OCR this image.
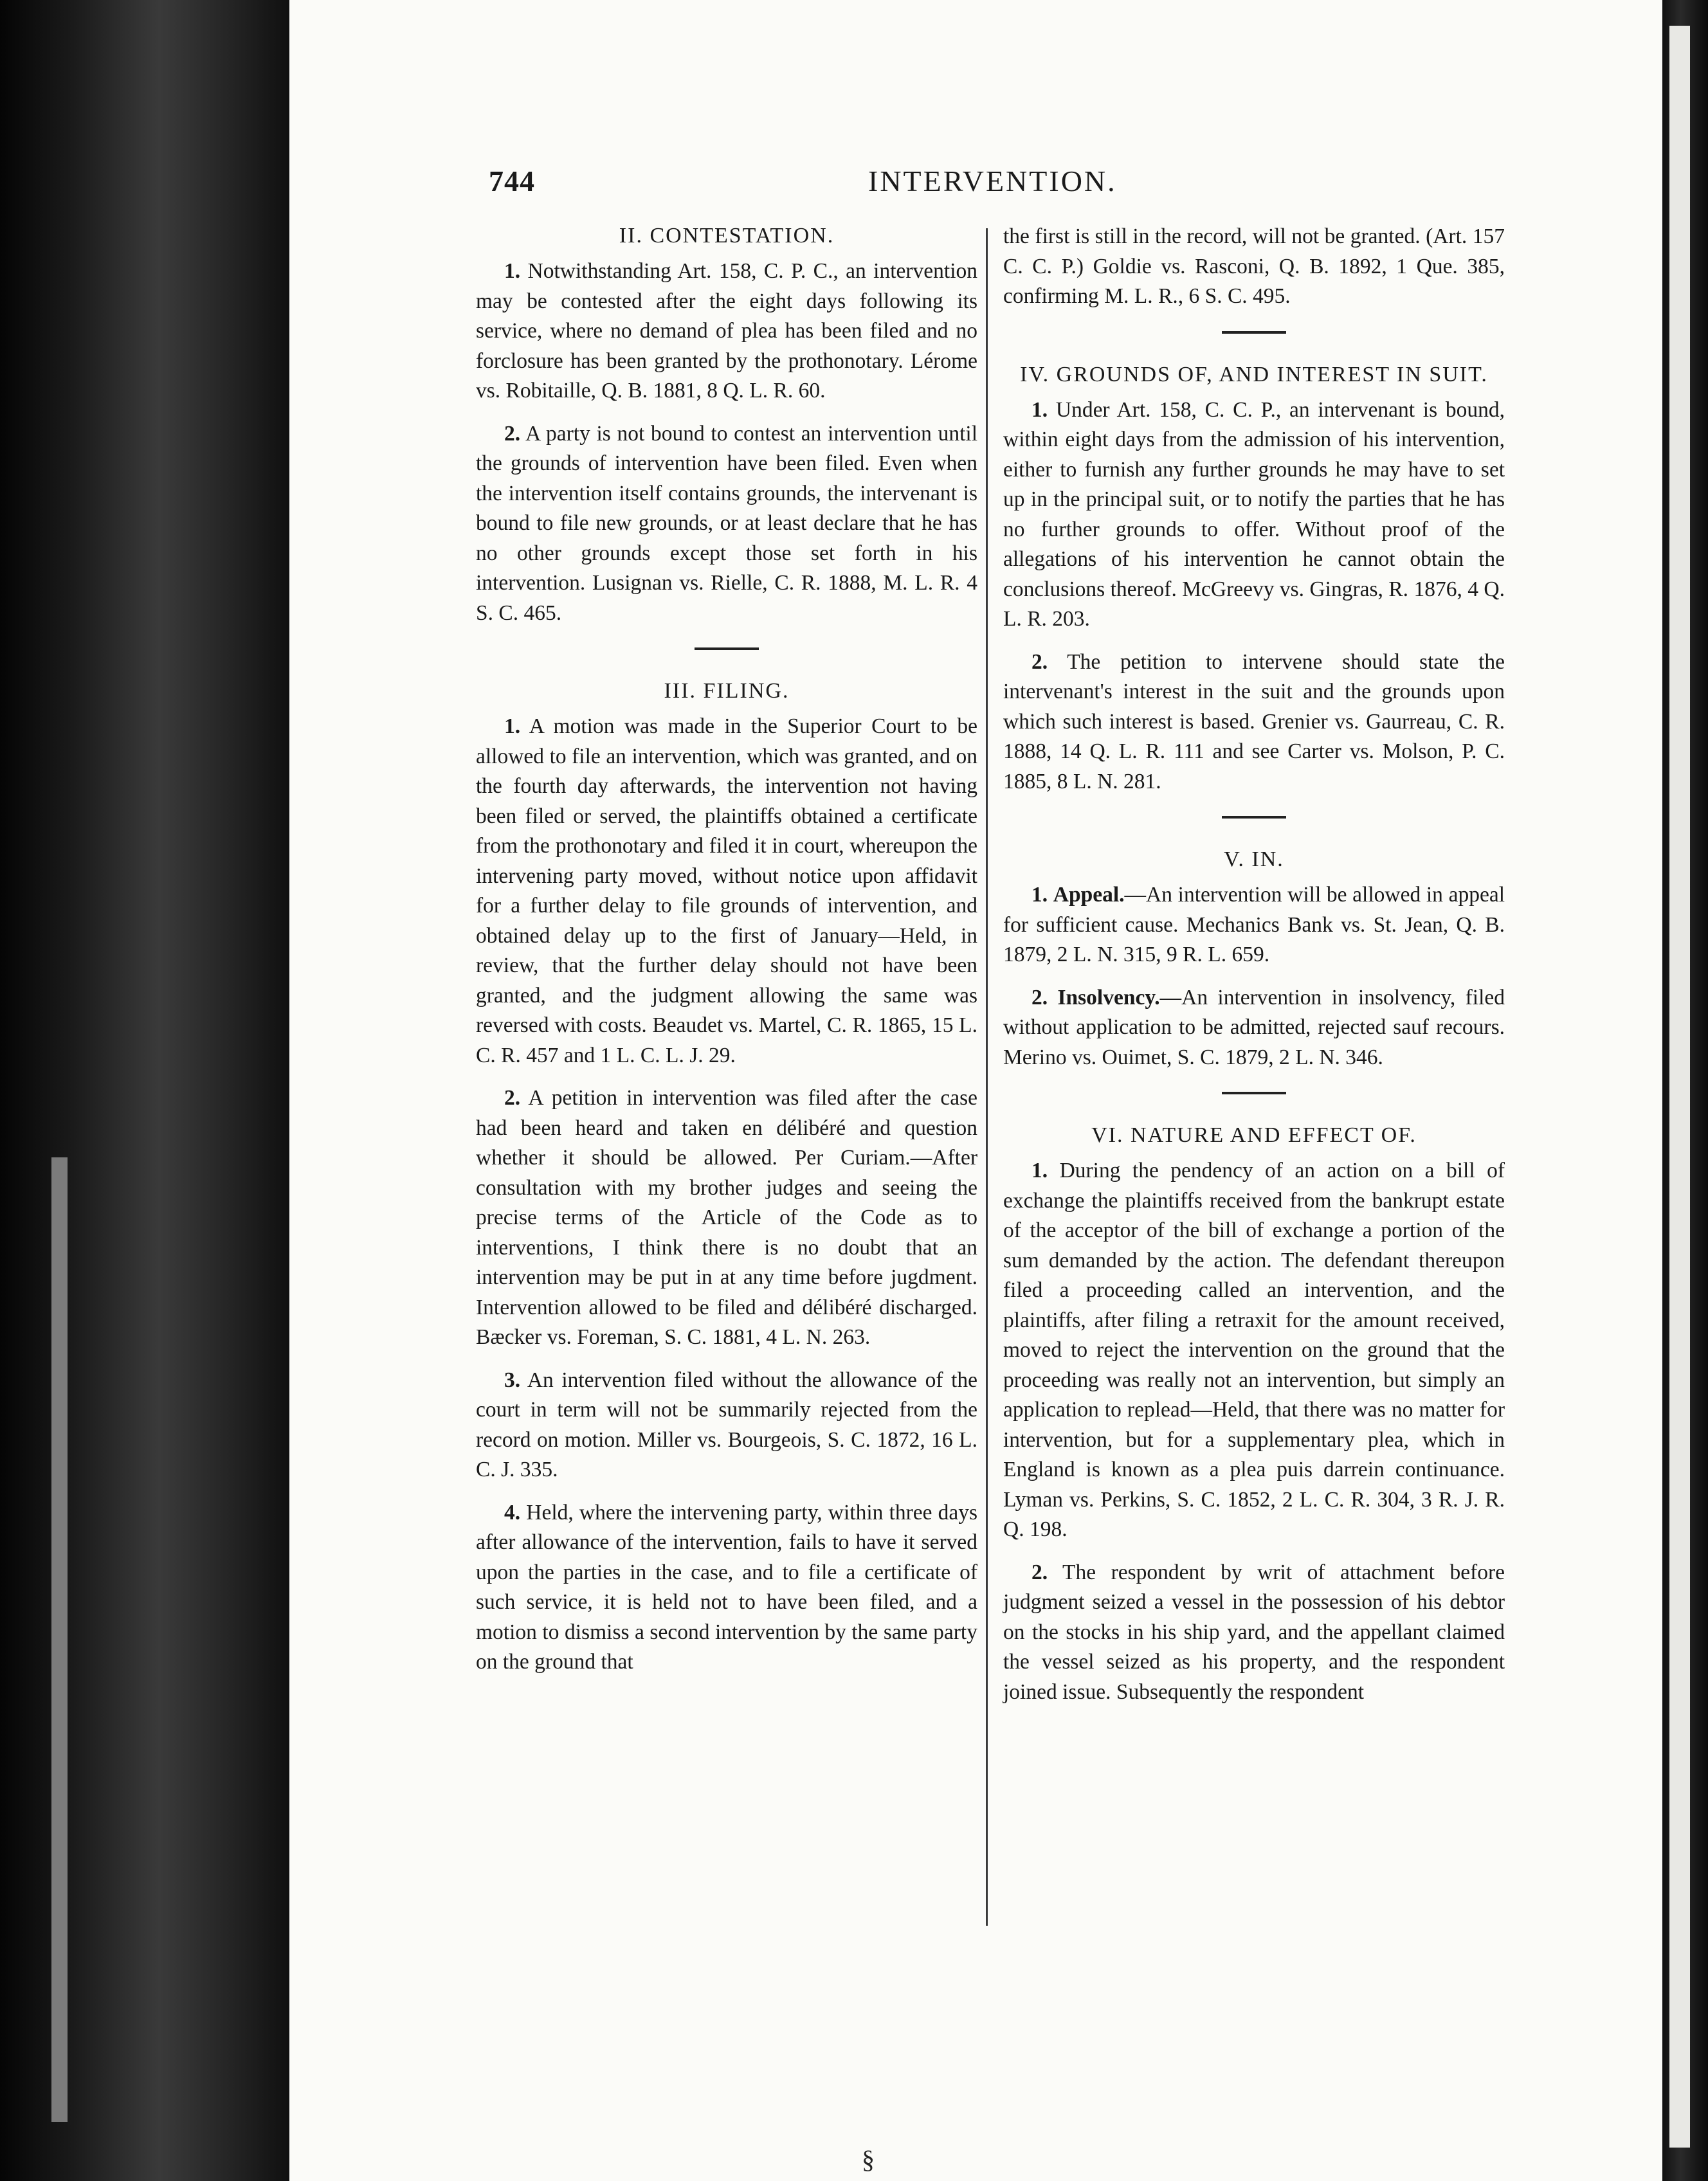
744	INTERVENTION.
II. CONTESTATION.

1. Notwithstanding Art. 158, C. P. C., an intervention may be contested after the eight days following its service, where no demand of plea has been filed and no forclosure has been granted by the prothonotary. Lérome vs. Robitaille, Q. B. 1881, 8 Q. L. R. 60.

2. A party is not bound to contest an intervention until the grounds of intervention have been filed. Even when the intervention itself contains grounds, the intervenant is bound to file new grounds, or at least declare that he has no other grounds except those set forth in his intervention. Lusignan vs. Rielle, C. R. 1888, M. L. R. 4 S. C. 465.

III. FILING.

1. A motion was made in the Superior Court to be allowed to file an intervention, which was granted, and on the fourth day afterwards, the intervention not having been filed or served, the plaintiffs obtained a certificate from the prothonotary and filed it in court, whereupon the intervening party moved, without notice upon affidavit for a further delay to file grounds of intervention, and obtained delay up to the first of January—Held, in review, that the further delay should not have been granted, and the judgment allowing the same was reversed with costs. Beaudet vs. Martel, C. R. 1865, 15 L. C. R. 457 and 1 L. C. L. J. 29.

2. A petition in intervention was filed after the case had been heard and taken en délibéré and question whether it should be allowed. Per Curiam.—After consultation with my brother judges and seeing the precise terms of the Article of the Code as to interventions, I think there is no doubt that an intervention may be put in at any time before jugdment. Intervention allowed to be filed and délibéré discharged. Bæcker vs. Foreman, S. C. 1881, 4 L. N. 263.

3. An intervention filed without the allowance of the court in term will not be summarily rejected from the record on motion. Miller vs. Bourgeois, S. C. 1872, 16 L. C. J. 335.

4. Held, where the intervening party, within three days after allowance of the intervention, fails to have it served upon the parties in the case, and to file a certificate of such service, it is held not to have been filed, and a motion to dismiss a second intervention by the same party on the ground that

the first is still in the record, will not be granted. (Art. 157 C. C. P.) Goldie vs. Rasconi, Q. B. 1892, 1 Que. 385, confirming M. L. R., 6 S. C. 495.

IV. GROUNDS OF, AND INTEREST IN SUIT.

1. Under Art. 158, C. C. P., an intervenant is bound, within eight days from the admission of his intervention, either to furnish any further grounds he may have to set up in the principal suit, or to notify the parties that he has no further grounds to offer. Without proof of the allegations of his intervention he cannot obtain the conclusions thereof. McGreevy vs. Gingras, R. 1876, 4 Q. L. R. 203.

2. The petition to intervene should state the intervenant's interest in the suit and the grounds upon which such interest is based. Grenier vs. Gaurreau, C. R. 1888, 14 Q. L. R. 111 and see Carter vs. Molson, P. C. 1885, 8 L. N. 281.

V. IN.

1. Appeal.—An intervention will be allowed in appeal for sufficient cause. Mechanics Bank vs. St. Jean, Q. B. 1879, 2 L. N. 315, 9 R. L. 659.

2. Insolvency.—An intervention in insolvency, filed without application to be admitted, rejected sauf recours. Merino vs. Ouimet, S. C. 1879, 2 L. N. 346.

VI. NATURE AND EFFECT OF.

1. During the pendency of an action on a bill of exchange the plaintiffs received from the bankrupt estate of the acceptor of the bill of exchange a portion of the sum demanded by the action. The defendant thereupon filed a proceeding called an intervention, and the plaintiffs, after filing a retraxit for the amount received, moved to reject the intervention on the ground that the proceeding was really not an intervention, but simply an application to replead—Held, that there was no matter for intervention, but for a supplementary plea, which in England is known as a plea puis darrein continuance. Lyman vs. Perkins, S. C. 1852, 2 L. C. R. 304, 3 R. J. R. Q. 198.

2. The respondent by writ of attachment before judgment seized a vessel in the possession of his debtor on the stocks in his ship yard, and the appellant claimed the vessel seized as his property, and the respondent joined issue. Subsequently the respondent

§
